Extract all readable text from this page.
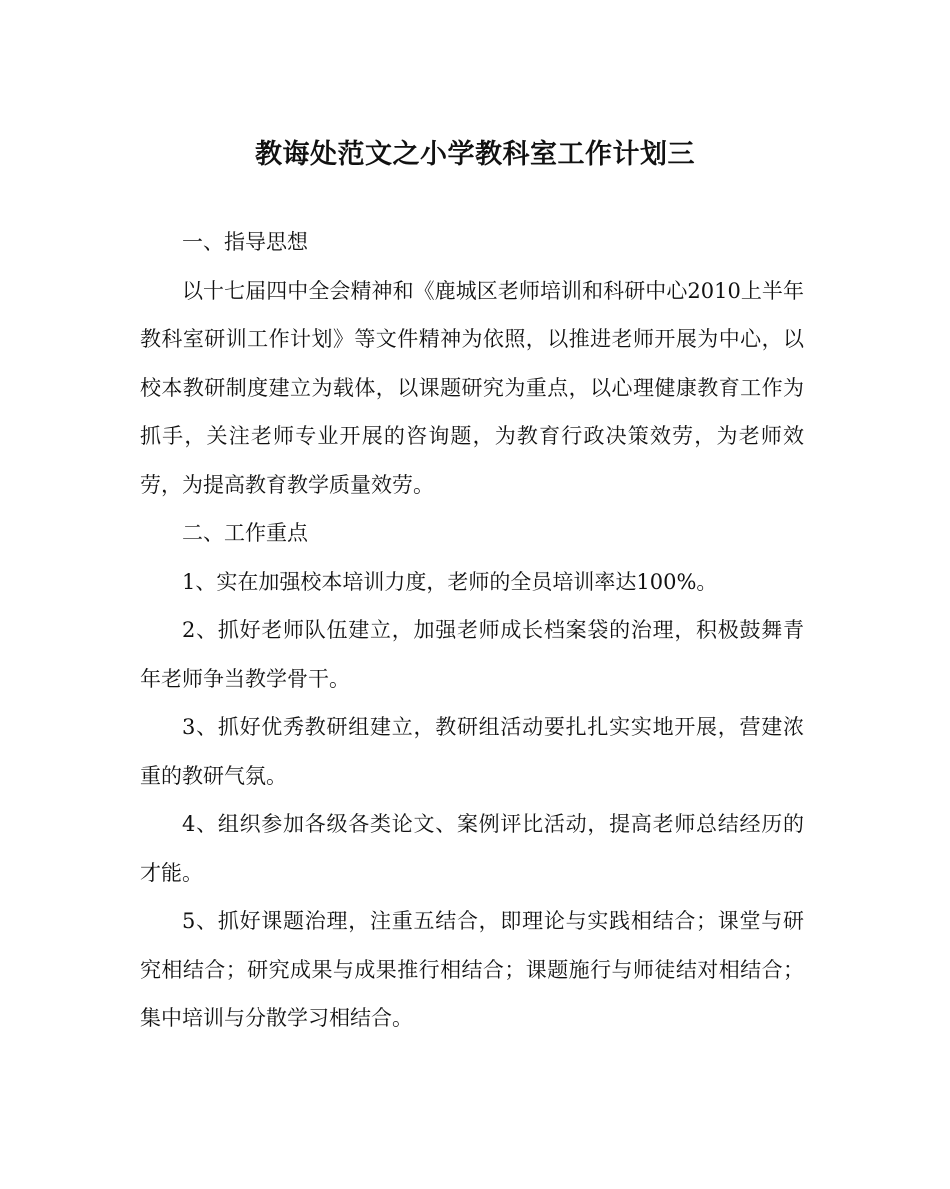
教诲处范文之小学教科室工作计划三

一、指导思想

以十七届四中全会精神和《鹿城区老师培训和科研中心2010上半年教科室研训工作计划》等文件精神为依照，以推进老师开展为中心，以校本教研制度建立为载体，以课题研究为重点，以心理健康教育工作为抓手，关注老师专业开展的咨询题，为教育行政决策效劳，为老师效劳，为提高教育教学质量效劳。

二、工作重点

1、实在加强校本培训力度，老师的全员培训率达100%。

2、抓好老师队伍建立，加强老师成长档案袋的治理，积极鼓舞青年老师争当教学骨干。

3、抓好优秀教研组建立，教研组活动要扎扎实实地开展，营建浓重的教研气氛。

4、组织参加各级各类论文、案例评比活动，提高老师总结经历的才能。

5、抓好课题治理，注重五结合，即理论与实践相结合；课堂与研究相结合；研究成果与成果推行相结合；课题施行与师徒结对相结合；集中培训与分散学习相结合。
